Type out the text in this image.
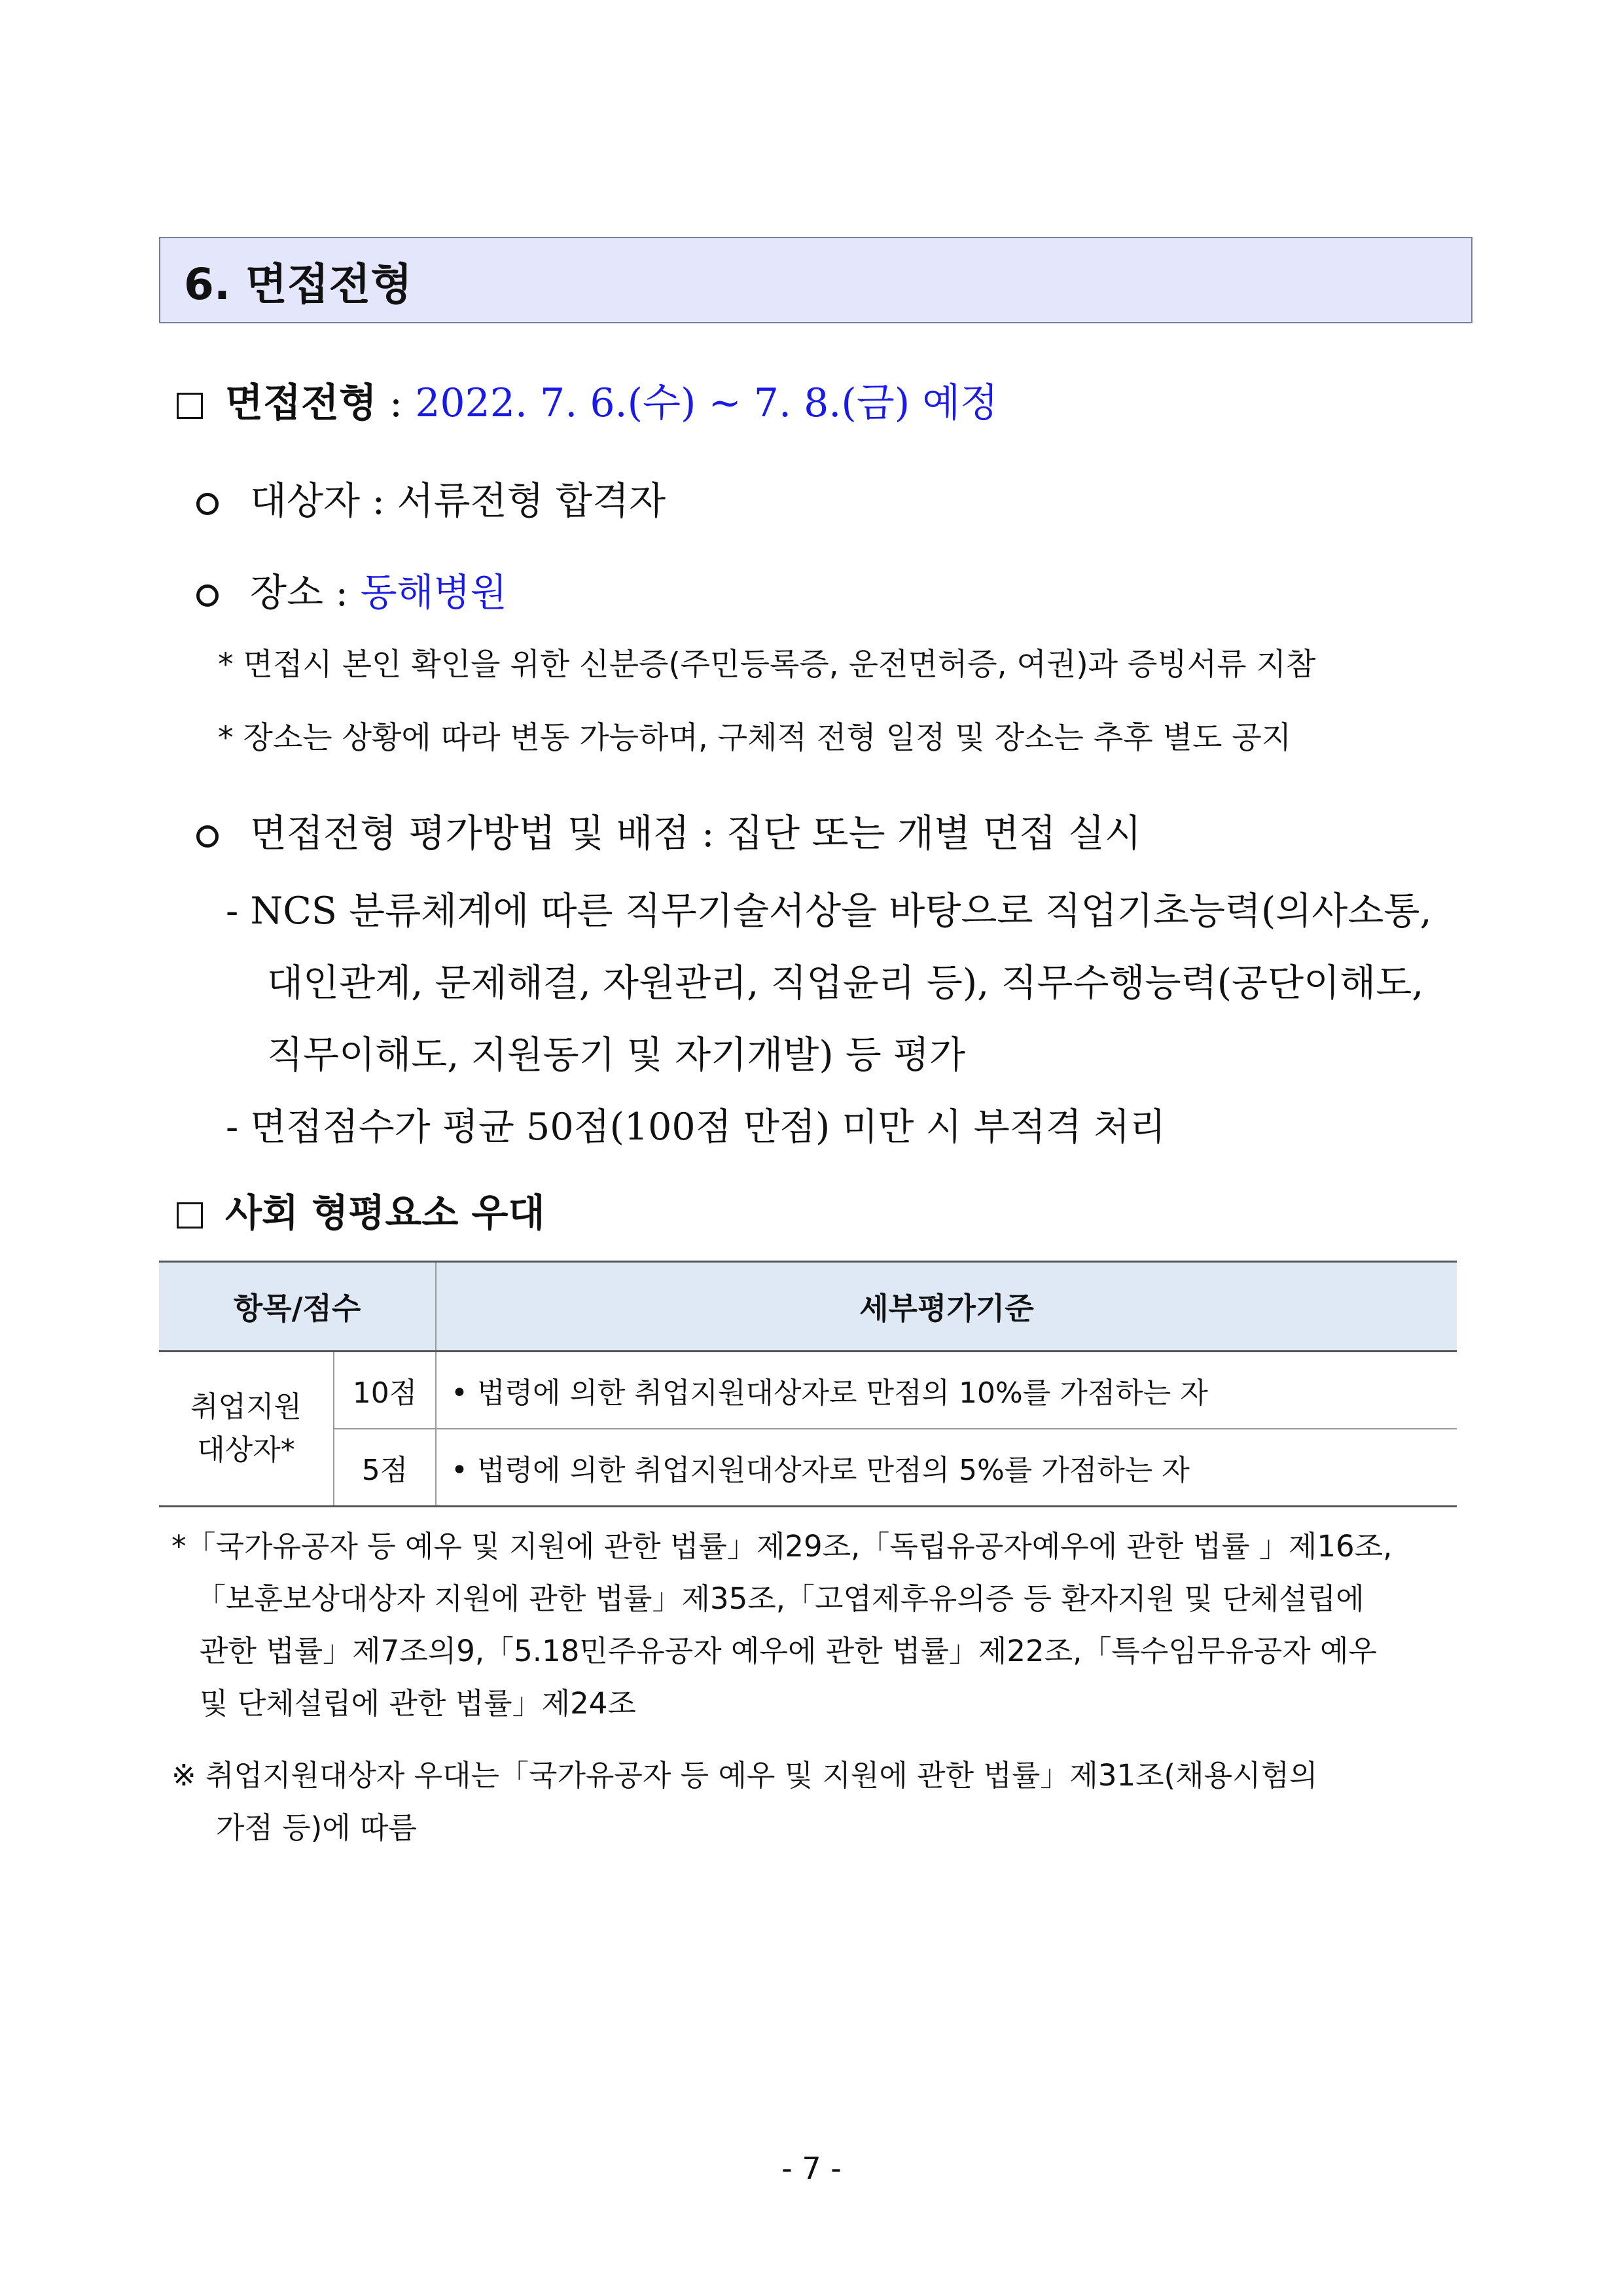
6. 면접전형
면접전형 : 2022. 7. 6.(수) ~ 7. 8.(금) 예정
대상자 : 서류전형 합격자
장소 : 동해병원
* 면접시 본인 확인을 위한 신분증(주민등록증, 운전면허증, 여권)과 증빙서류 지참
* 장소는 상황에 따라 변동 가능하며, 구체적 전형 일정 및 장소는 추후 별도 공지
면접전형 평가방법 및 배점 : 집단 또는 개별 면접 실시
- NCS 분류체계에 따른 직무기술서상을 바탕으로 직업기초능력(의사소통,
대인관계, 문제해결, 자원관리, 직업윤리 등), 직무수행능력(공단이해도,
직무이해도, 지원동기 및 자기개발) 등 평가
- 면접점수가 평균 50점(100점 만점) 미만 시 부적격 처리
사회 형평요소 우대
항목/점수		세부평가기준

취업지원
대상자*	10점	• 법령에 의한 취업지원대상자로 만점의 10%를 가점하는 자
	5점	• 법령에 의한 취업지원대상자로 만점의 5%를 가점하는 자
*「국가유공자 등 예우 및 지원에 관한 법률」제29조,「독립유공자예우에 관한 법률 」제16조,
「보훈보상대상자 지원에 관한 법률」제35조,「고엽제후유의증 등 환자지원 및 단체설립에
관한 법률」제7조의9,「5.18민주유공자 예우에 관한 법률」제22조,「특수임무유공자 예우
및 단체설립에 관한 법률」제24조
※ 취업지원대상자 우대는「국가유공자 등 예우 및 지원에 관한 법률」제31조(채용시험의
가점 등)에 따름
- 7 -
